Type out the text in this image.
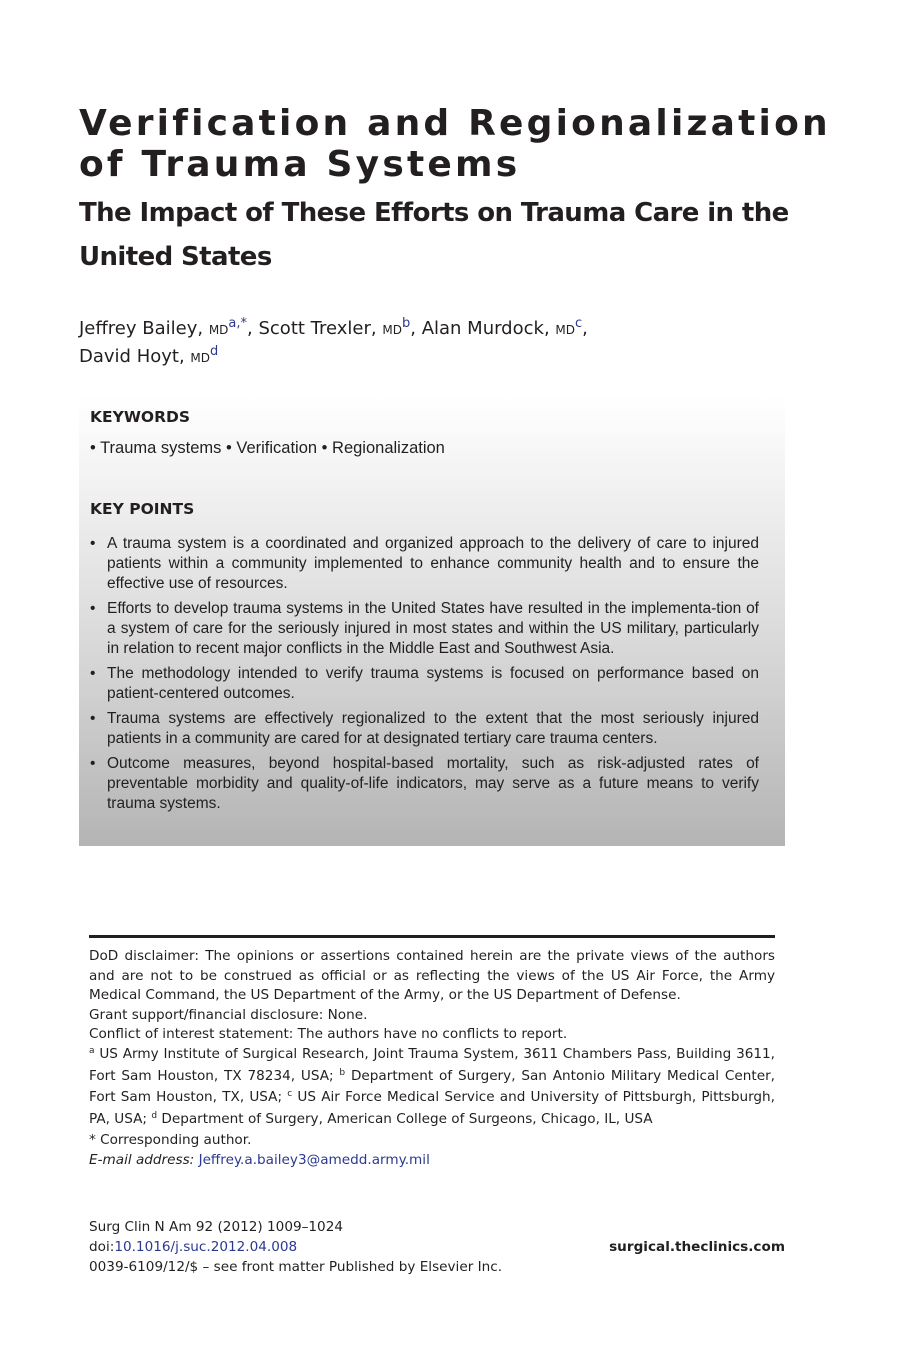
Verification and Regionalization of Trauma Systems
The Impact of These Efforts on Trauma Care in the United States
Jeffrey Bailey, MD$^{a,*}$, Scott Trexler, MD$^b$, Alan Murdock, MD$^c$,
David Hoyt, MD$^d$
KEYWORDS
• Trauma systems • Verification • Regionalization
KEY POINTS
• A trauma system is a coordinated and organized approach to the delivery of care to injured patients within a community implemented to enhance community health and to ensure the effective use of resources.
• Efforts to develop trauma systems in the United States have resulted in the implementa-tion of a system of care for the seriously injured in most states and within the US military, particularly in relation to recent major conflicts in the Middle East and Southwest Asia.
• The methodology intended to verify trauma systems is focused on performance based on patient-centered outcomes.
• Trauma systems are effectively regionalized to the extent that the most seriously injured patients in a community are cared for at designated tertiary care trauma centers.
• Outcome measures, beyond hospital-based mortality, such as risk-adjusted rates of preventable morbidity and quality-of-life indicators, may serve as a future means to verify trauma systems.

DoD disclaimer: The opinions or assertions contained herein are the private views of the authors and are not to be construed as official or as reflecting the views of the US Air Force, the Army Medical Command, the US Department of the Army, or the US Department of Defense.

Grant support/financial disclosure: None.

Conflict of interest statement: The authors have no conflicts to report.

$^a$ US Army Institute of Surgical Research, Joint Trauma System, 3611 Chambers Pass, Building 3611, Fort Sam Houston, TX 78234, USA; $^b$ Department of Surgery, San Antonio Military Medical Center, Fort Sam Houston, TX, USA; $^c$ US Air Force Medical Service and University of Pittsburgh, Pittsburgh, PA, USA; $^d$ Department of Surgery, American College of Surgeons, Chicago, IL, USA

* Corresponding author.

E-mail address: Jeffrey.a.bailey3@amedd.army.mil

Surg Clin N Am 92 (2012) 1009–1024
doi:10.1016/j.suc.2012.04.008
0039-6109/12/$ – see front matter Published by Elsevier Inc.
surgical.theclinics.com
